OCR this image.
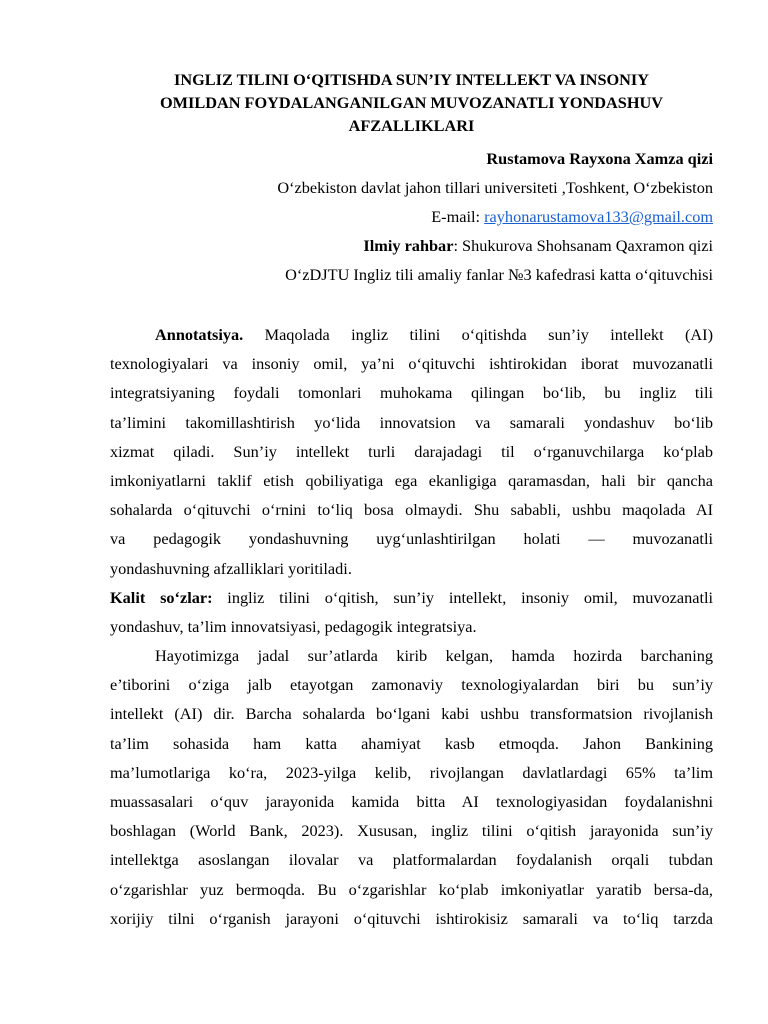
INGLIZ TILINI O‘QITISHDA SUN’IY INTELLEKT VA INSONIY
OMILDAN FOYDALANGANILGAN MUVOZANATLI YONDASHUV
AFZALLIKLARI
Rustamova Rayxona Xamza qizi
O‘zbekiston davlat jahon tillari universiteti ,Toshkent, O‘zbekiston
E-mail: rayhonarustamova133@gmail.com
Ilmiy rahbar: Shukurova Shohsanam Qaxramon qizi
O‘zDJTU Ingliz tili amaliy fanlar №3 kafedrasi katta o‘qituvchisi
Annotatsiya. Maqolada ingliz tilini o‘qitishda sun’iy intellekt (AI)
texnologiyalari va insoniy omil, ya’ni o‘qituvchi ishtirokidan iborat muvozanatli
integratsiyaning foydali tomonlari muhokama qilingan bo‘lib, bu ingliz tili
ta’limini takomillashtirish yo‘lida innovatsion va samarali yondashuv bo‘lib
xizmat qiladi. Sun’iy intellekt turli darajadagi til o‘rganuvchilarga ko‘plab
imkoniyatlarni taklif etish qobiliyatiga ega ekanligiga qaramasdan, hali bir qancha
sohalarda o‘qituvchi o‘rnini to‘liq bosa olmaydi. Shu sababli, ushbu maqolada AI
va pedagogik yondashuvning uyg‘unlashtirilgan holati — muvozanatli
yondashuvning afzalliklari yoritiladi.
Kalit so‘zlar: ingliz tilini o‘qitish, sun’iy intellekt, insoniy omil, muvozanatli
yondashuv, ta’lim innovatsiyasi, pedagogik integratsiya.
Hayotimizga jadal sur’atlarda kirib kelgan, hamda hozirda barchaning
e’tiborini o‘ziga jalb etayotgan zamonaviy texnologiyalardan biri bu sun’iy
intellekt (AI) dir. Barcha sohalarda bo‘lgani kabi ushbu transformatsion rivojlanish
ta’lim sohasida ham katta ahamiyat kasb etmoqda. Jahon Bankining
ma’lumotlariga ko‘ra, 2023-yilga kelib, rivojlangan davlatlardagi 65% ta’lim
muassasalari o‘quv jarayonida kamida bitta AI texnologiyasidan foydalanishni
boshlagan (World Bank, 2023). Xususan, ingliz tilini o‘qitish jarayonida sun’iy
intellektga asoslangan ilovalar va platformalardan foydalanish orqali tubdan
o‘zgarishlar yuz bermoqda. Bu o‘zgarishlar ko‘plab imkoniyatlar yaratib bersa-da,
xorijiy tilni o‘rganish jarayoni o‘qituvchi ishtirokisiz samarali va to‘liq tarzda
